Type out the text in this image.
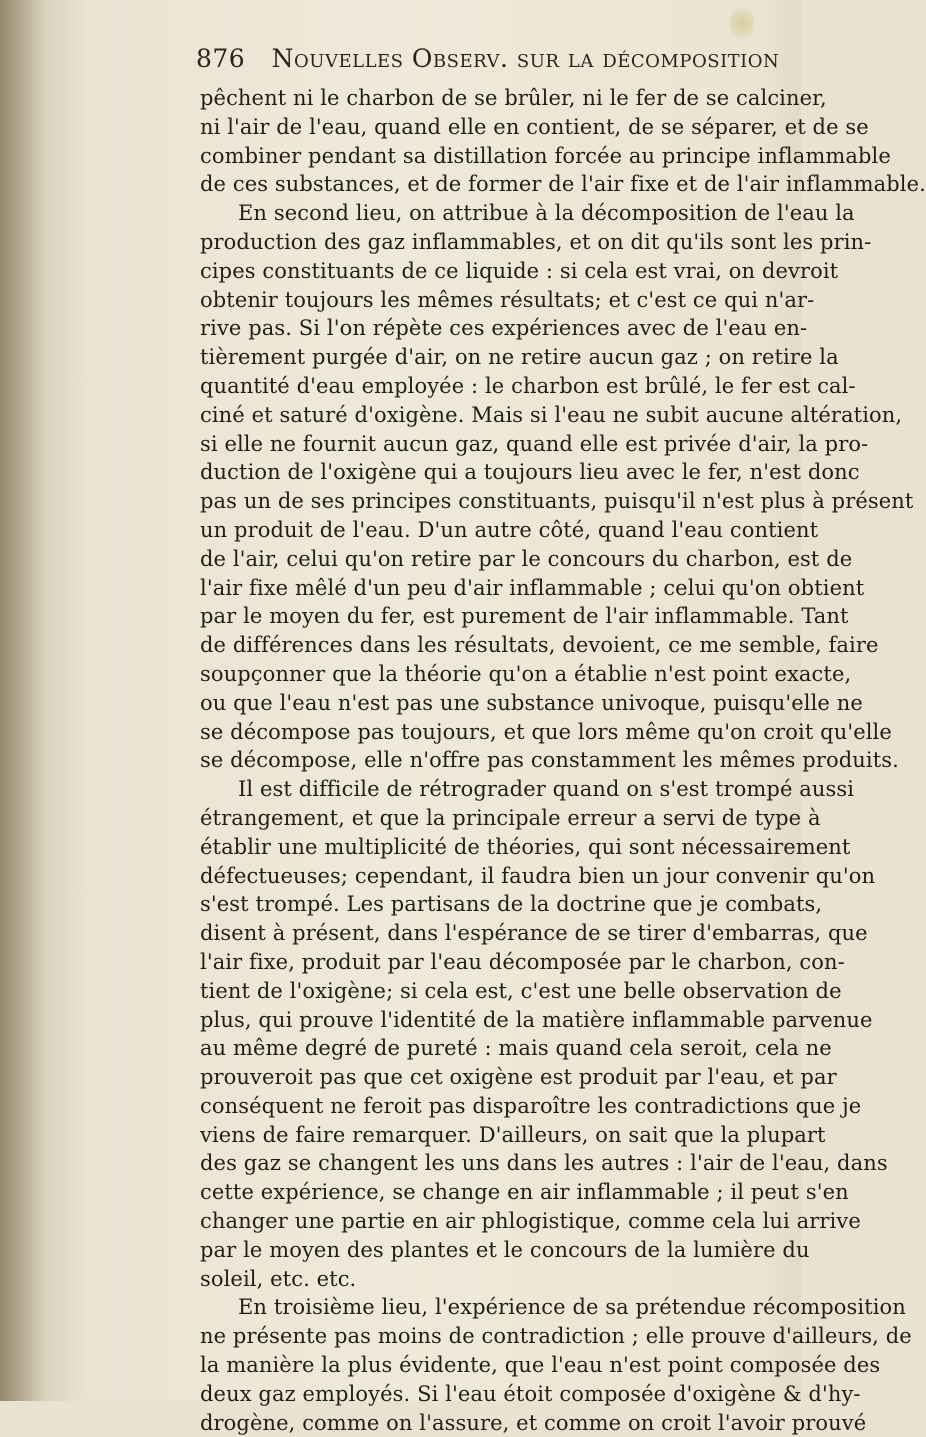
876 Nouvelles Observ. sur la décomposition
pêchent ni le charbon de se brûler, ni le fer de se calciner,
ni l'air de l'eau, quand elle en contient, de se séparer, et de se
combiner pendant sa distillation forcée au principe inflammable
de ces substances, et de former de l'air fixe et de l'air inflammable.
En second lieu, on attribue à la décomposition de l'eau la
production des gaz inflammables, et on dit qu'ils sont les prin-
cipes constituants de ce liquide : si cela est vrai, on devroit
obtenir toujours les mêmes résultats; et c'est ce qui n'ar-
rive pas. Si l'on répète ces expériences avec de l'eau en-
tièrement purgée d'air, on ne retire aucun gaz ; on retire la
quantité d'eau employée : le charbon est brûlé, le fer est cal-
ciné et saturé d'oxigène. Mais si l'eau ne subit aucune altération,
si elle ne fournit aucun gaz, quand elle est privée d'air, la pro-
duction de l'oxigène qui a toujours lieu avec le fer, n'est donc
pas un de ses principes constituants, puisqu'il n'est plus à présent
un produit de l'eau. D'un autre côté, quand l'eau contient
de l'air, celui qu'on retire par le concours du charbon, est de
l'air fixe mêlé d'un peu d'air inflammable ; celui qu'on obtient
par le moyen du fer, est purement de l'air inflammable. Tant
de différences dans les résultats, devoient, ce me semble, faire
soupçonner que la théorie qu'on a établie n'est point exacte,
ou que l'eau n'est pas une substance univoque, puisqu'elle ne
se décompose pas toujours, et que lors même qu'on croit qu'elle
se décompose, elle n'offre pas constamment les mêmes produits.
Il est difficile de rétrograder quand on s'est trompé aussi
étrangement, et que la principale erreur a servi de type à
établir une multiplicité de théories, qui sont nécessairement
défectueuses; cependant, il faudra bien un jour convenir qu'on
s'est trompé. Les partisans de la doctrine que je combats,
disent à présent, dans l'espérance de se tirer d'embarras, que
l'air fixe, produit par l'eau décomposée par le charbon, con-
tient de l'oxigène; si cela est, c'est une belle observation de
plus, qui prouve l'identité de la matière inflammable parvenue
au même degré de pureté : mais quand cela seroit, cela ne
prouveroit pas que cet oxigène est produit par l'eau, et par
conséquent ne feroit pas disparoître les contradictions que je
viens de faire remarquer. D'ailleurs, on sait que la plupart
des gaz se changent les uns dans les autres : l'air de l'eau, dans
cette expérience, se change en air inflammable ; il peut s'en
changer une partie en air phlogistique, comme cela lui arrive
par le moyen des plantes et le concours de la lumière du
soleil, etc. etc.
En troisième lieu, l'expérience de sa prétendue récomposition
ne présente pas moins de contradiction ; elle prouve d'ailleurs, de
la manière la plus évidente, que l'eau n'est point composée des
deux gaz employés. Si l'eau étoit composée d'oxigène & d'hy-
drogène, comme on l'assure, et comme on croit l'avoir prouvé
